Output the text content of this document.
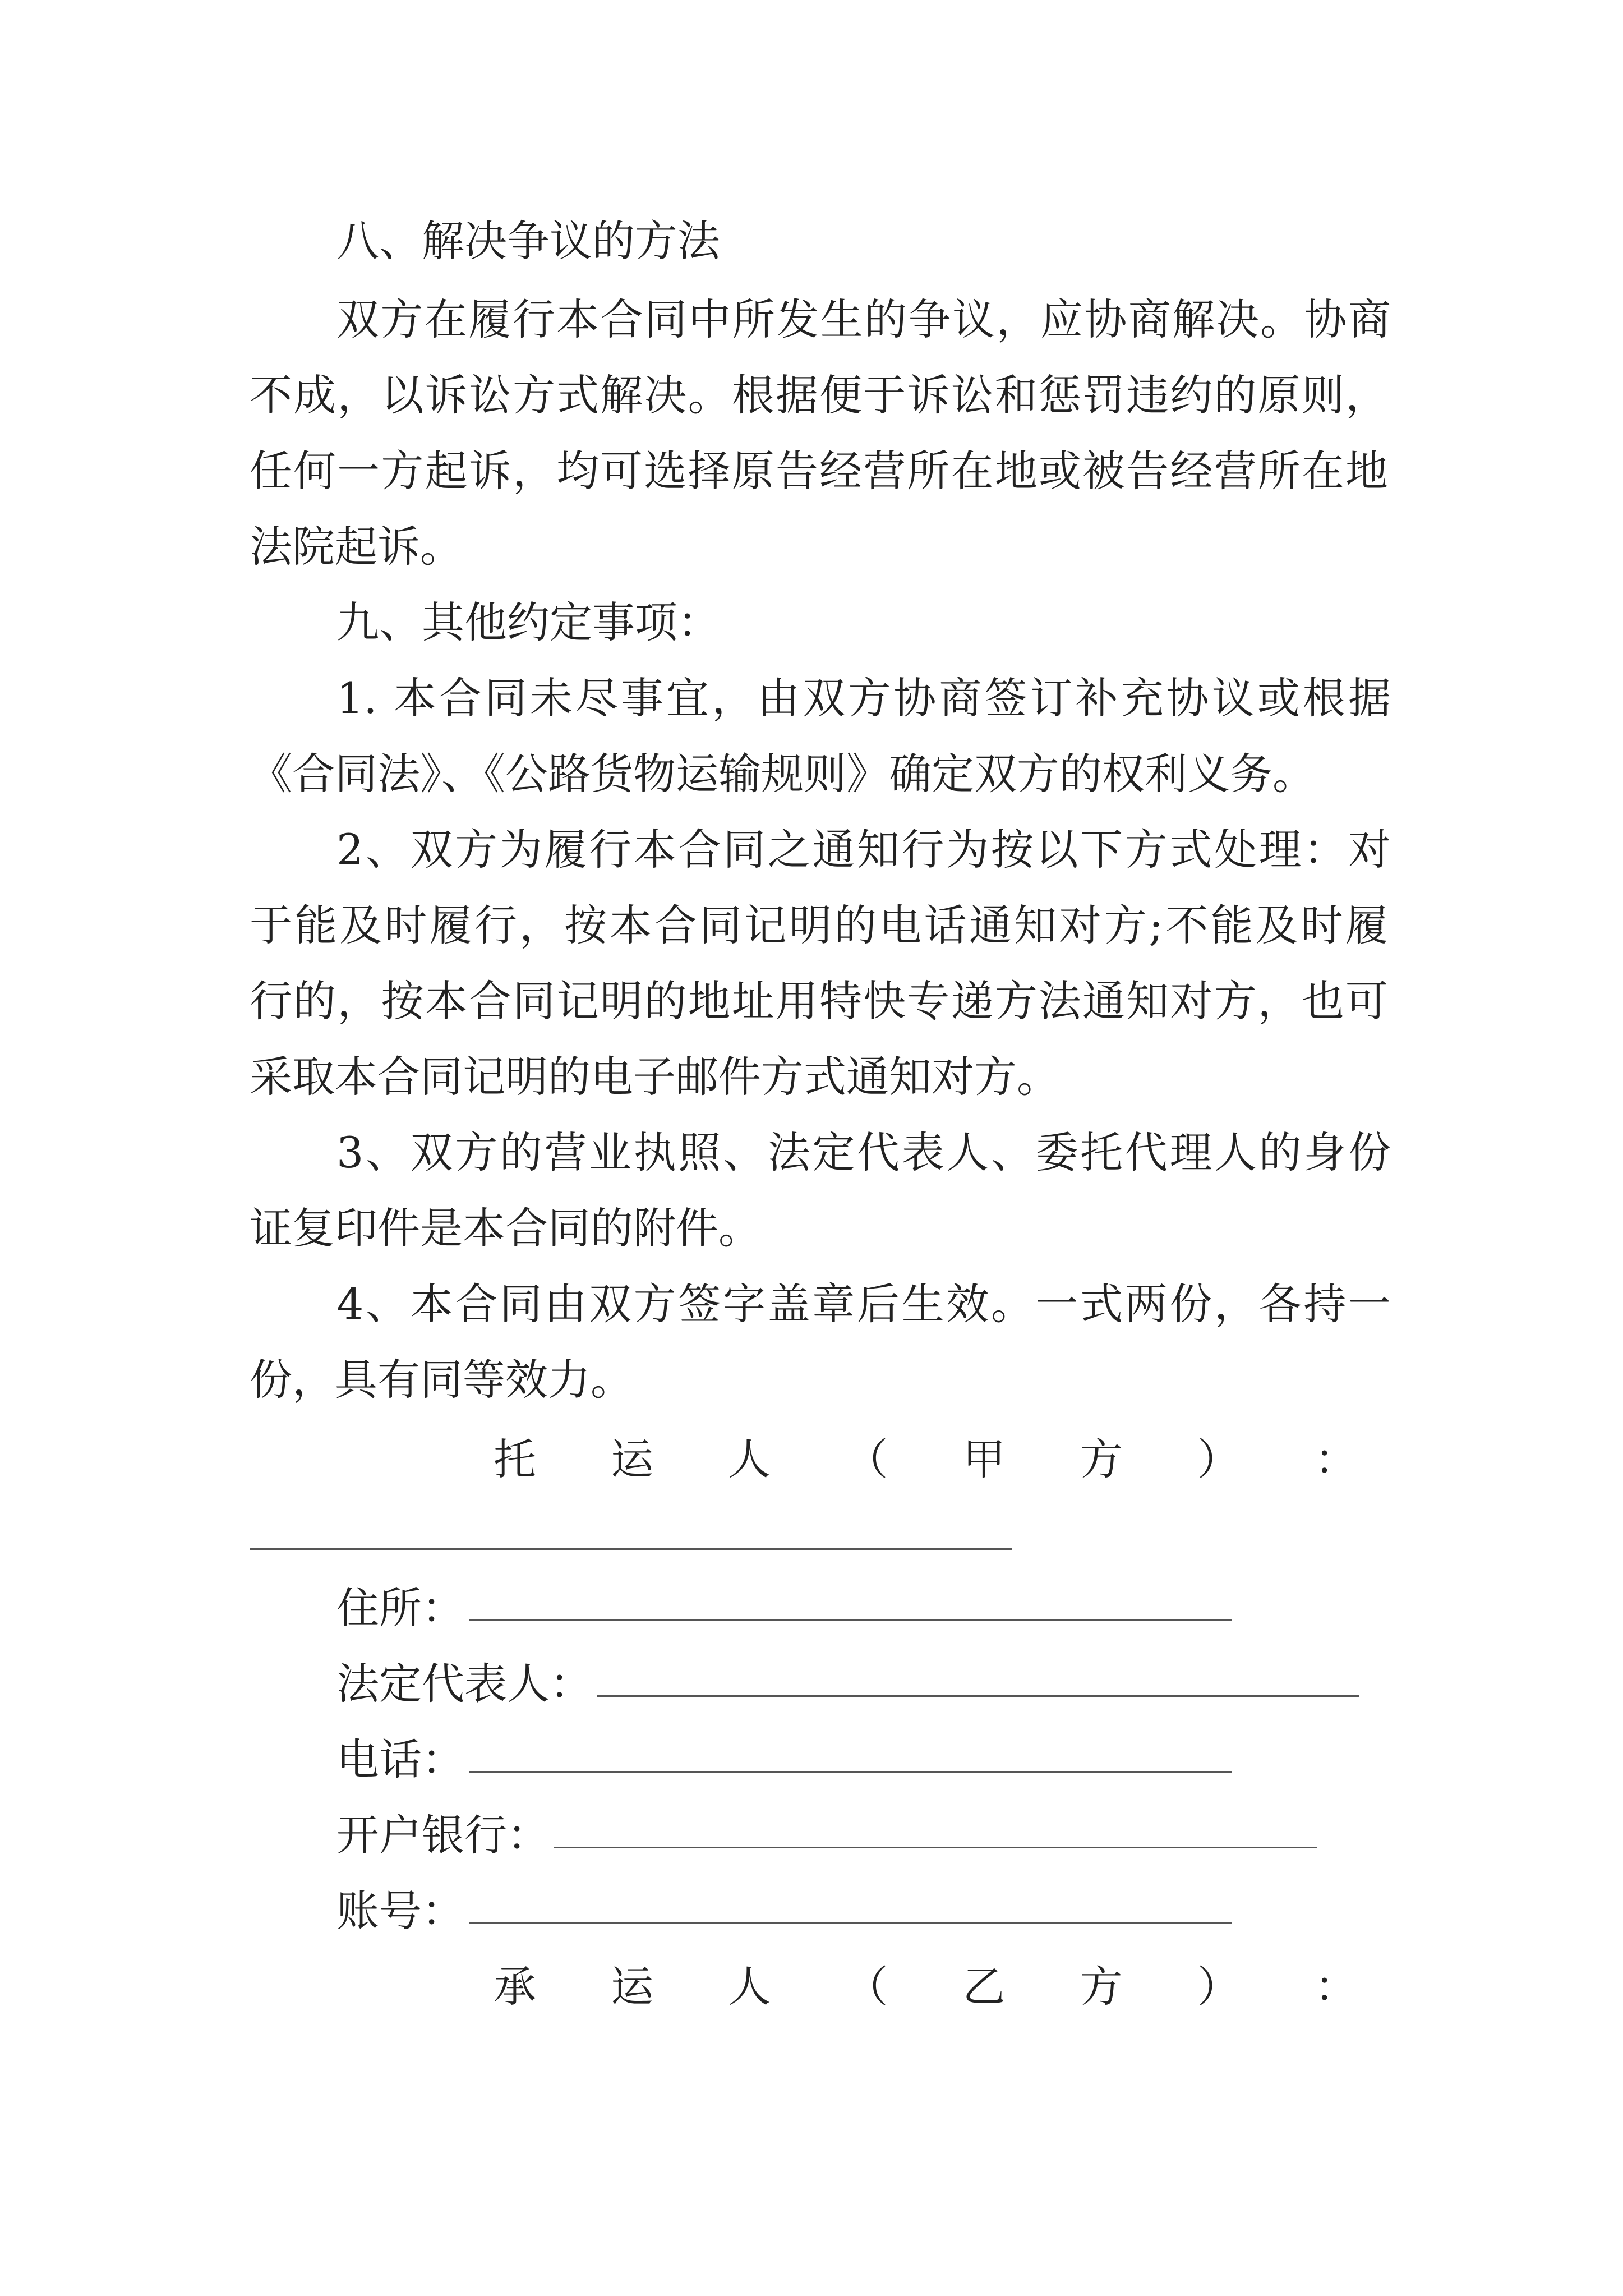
八、解决争议的方法
双方在履行本合同中所发生的争议，应协商解决。协商
不成，以诉讼方式解决。根据便于诉讼和惩罚违约的原则，
任何一方起诉，均可选择原告经营所在地或被告经营所在地
法院起诉。
九、其他约定事项：
1. 本合同未尽事宜，由双方协商签订补充协议或根据
《合同法》、《公路货物运输规则》确定双方的权利义务。
2、双方为履行本合同之通知行为按以下方式处理：对
于能及时履行，按本合同记明的电话通知对方;不能及时履
行的，按本合同记明的地址用特快专递方法通知对方，也可
采取本合同记明的电子邮件方式通知对方。
3、双方的营业执照、法定代表人、委托代理人的身份
证复印件是本合同的附件。
4、本合同由双方签字盖章后生效。一式两份，各持一
份，具有同等效力。
托 运 人 （ 甲 方 ） ：
住所：
法定代表人：
电话：
开户银行：
账号：
承 运 人 （ 乙 方 ） ：
